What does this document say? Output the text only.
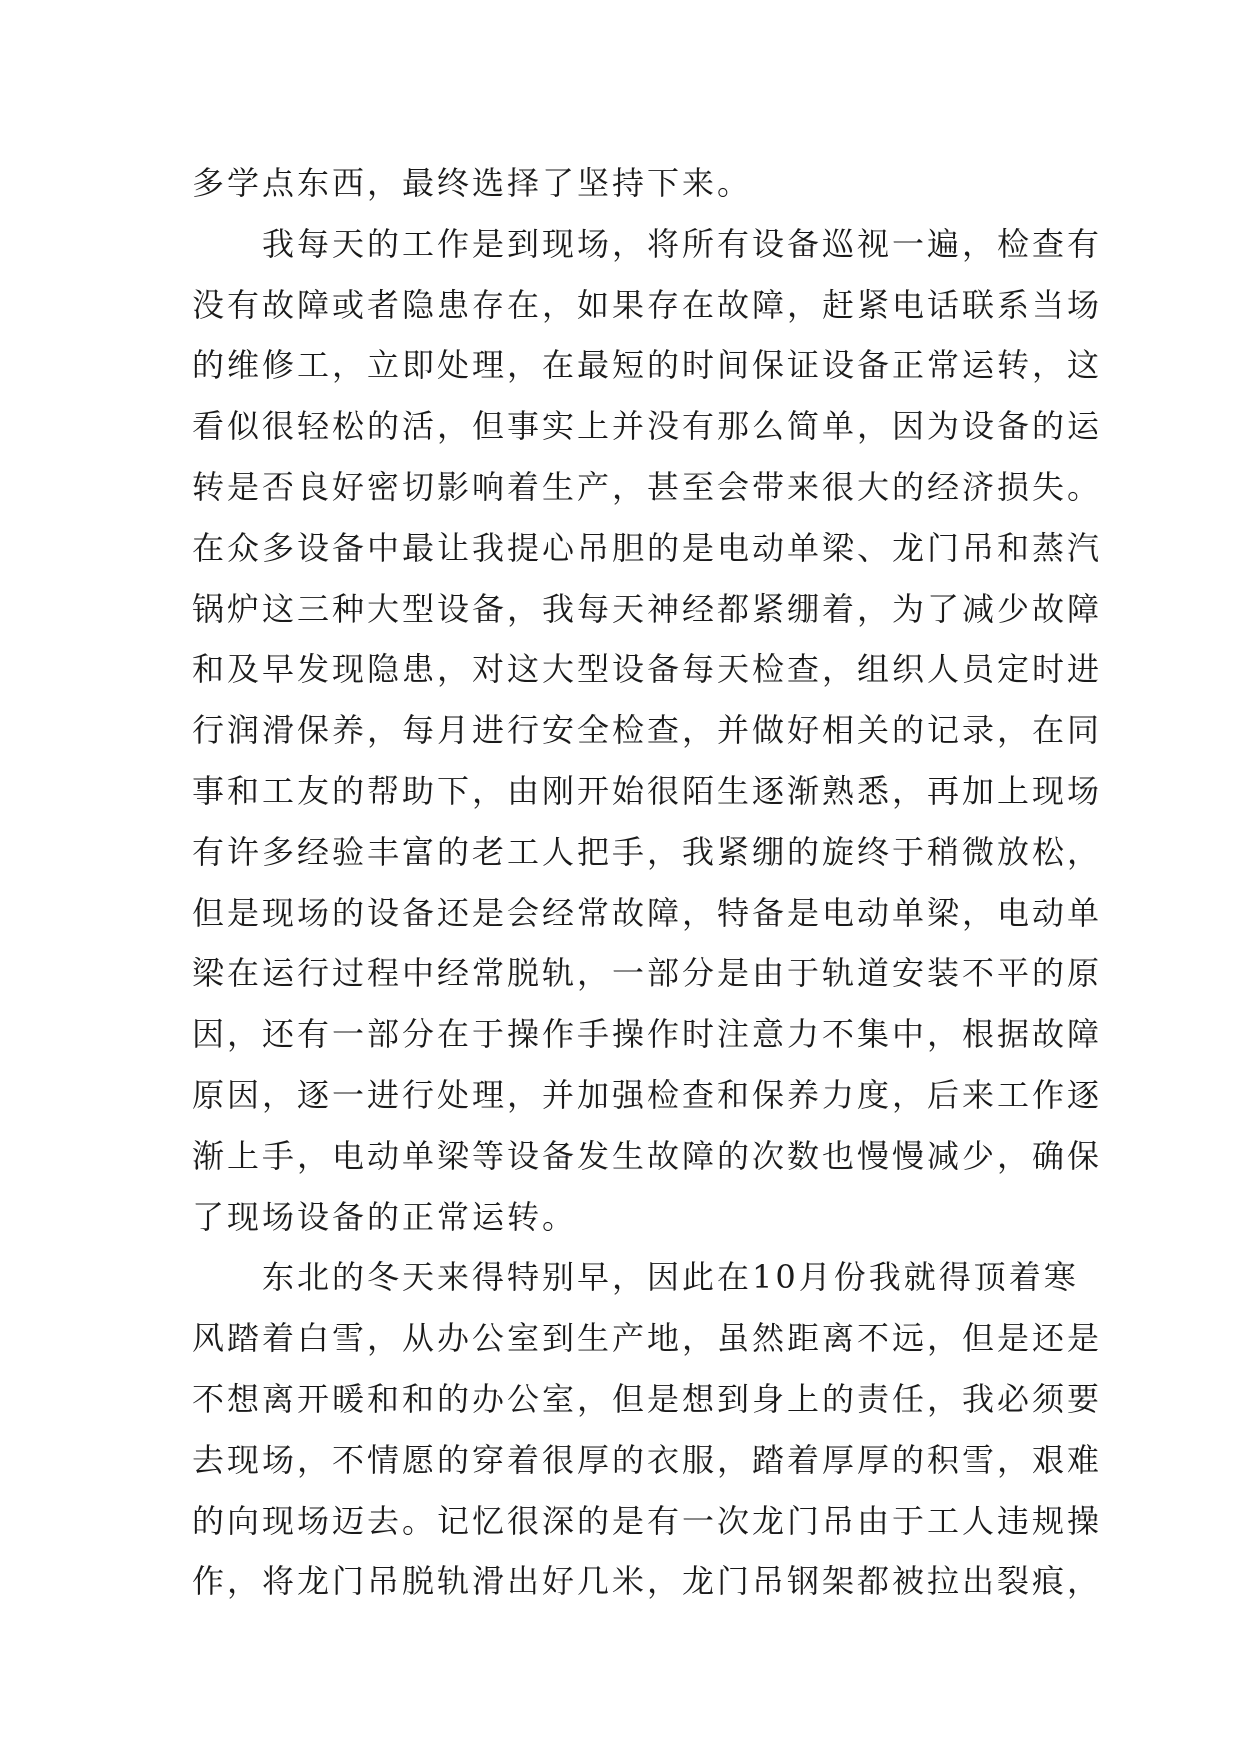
多学点东西，最终选择了坚持下来。
我每天的工作是到现场，将所有设备巡视一遍，检查有
没有故障或者隐患存在，如果存在故障，赶紧电话联系当场
的维修工，立即处理，在最短的时间保证设备正常运转，这
看似很轻松的活，但事实上并没有那么简单，因为设备的运
转是否良好密切影响着生产，甚至会带来很大的经济损失。
在众多设备中最让我提心吊胆的是电动单梁、龙门吊和蒸汽
锅炉这三种大型设备，我每天神经都紧绷着，为了减少故障
和及早发现隐患，对这大型设备每天检查，组织人员定时进
行润滑保养，每月进行安全检查，并做好相关的记录，在同
事和工友的帮助下，由刚开始很陌生逐渐熟悉，再加上现场
有许多经验丰富的老工人把手，我紧绷的旋终于稍微放松，
但是现场的设备还是会经常故障，特备是电动单梁，电动单
梁在运行过程中经常脱轨，一部分是由于轨道安装不平的原
因，还有一部分在于操作手操作时注意力不集中，根据故障
原因，逐一进行处理，并加强检查和保养力度，后来工作逐
渐上手，电动单梁等设备发生故障的次数也慢慢减少，确保
了现场设备的正常运转。
东北的冬天来得特别早，因此在10月份我就得顶着寒
风踏着白雪，从办公室到生产地，虽然距离不远，但是还是
不想离开暖和和的办公室，但是想到身上的责任，我必须要
去现场，不情愿的穿着很厚的衣服，踏着厚厚的积雪，艰难
的向现场迈去。记忆很深的是有一次龙门吊由于工人违规操
作，将龙门吊脱轨滑出好几米，龙门吊钢架都被拉出裂痕，
